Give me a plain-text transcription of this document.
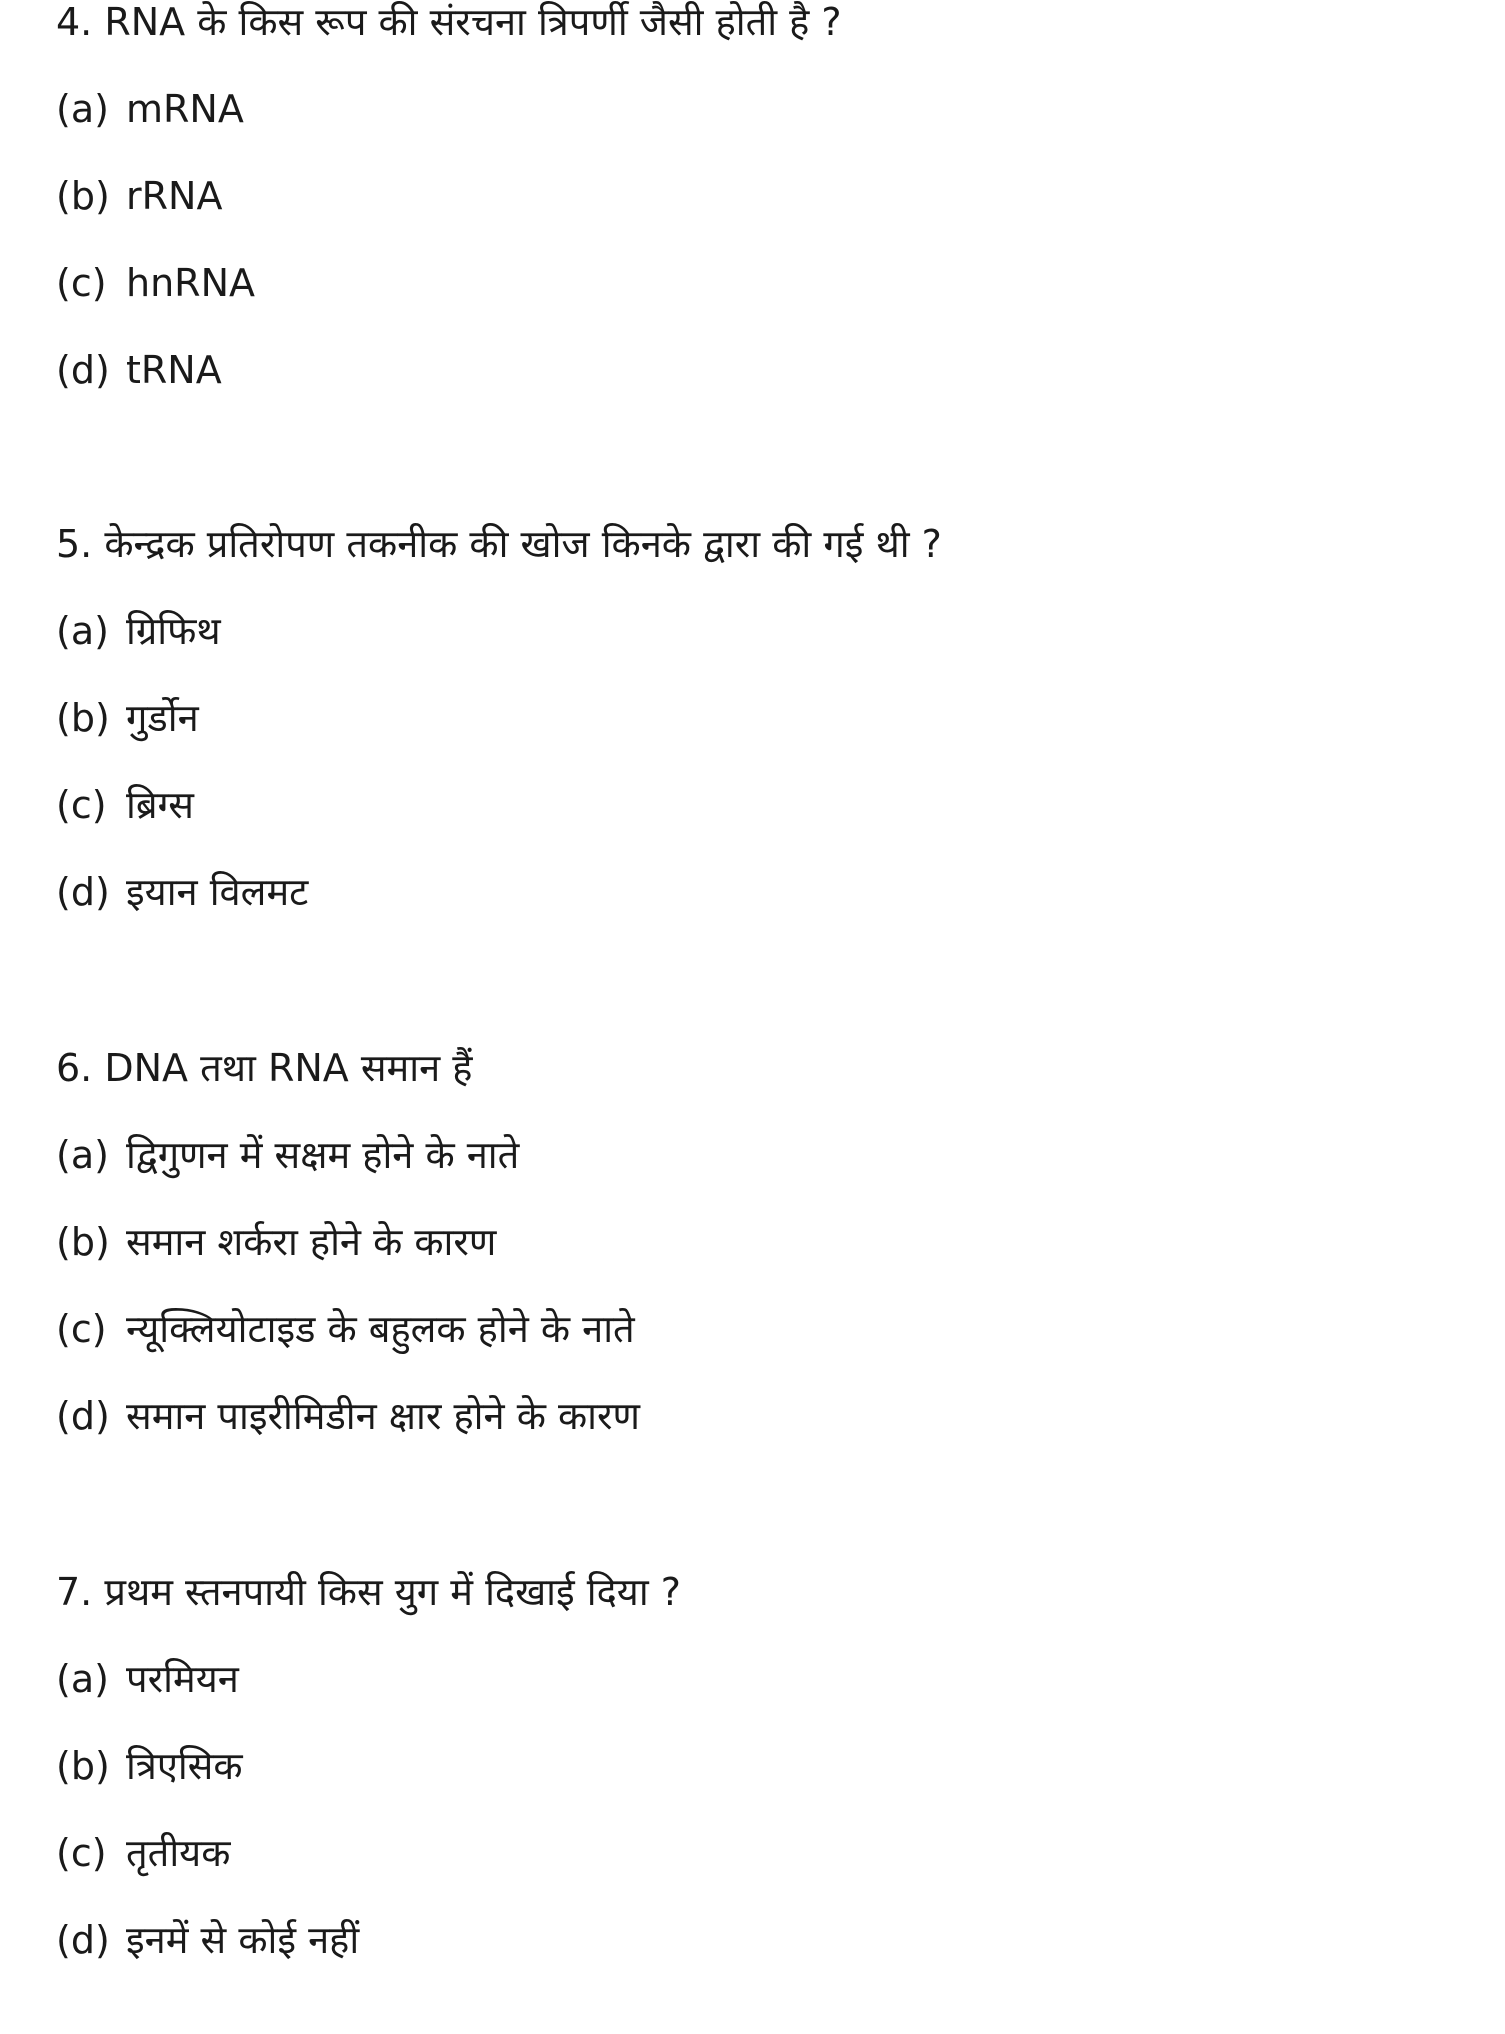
4. RNA के किस रूप की संरचना त्रिपर्णी जैसी होती है ?
(a) mRNA
(b) rRNA
(c) hnRNA
(d) tRNA
5. केन्द्रक प्रतिरोपण तकनीक की खोज किनके द्वारा की गई थी ?
(a) ग्रिफिथ
(b) गुर्डोन
(c) ब्रिग्स
(d) इयान विलमट
6. DNA तथा RNA समान हैं
(a) द्विगुणन में सक्षम होने के नाते
(b) समान शर्करा होने के कारण
(c) न्यूक्लियोटाइड के बहुलक होने के नाते
(d) समान पाइरीमिडीन क्षार होने के कारण
7. प्रथम स्तनपायी किस युग में दिखाई दिया ?
(a) परमियन
(b) त्रिएसिक
(c) तृतीयक
(d) इनमें से कोई नहीं
